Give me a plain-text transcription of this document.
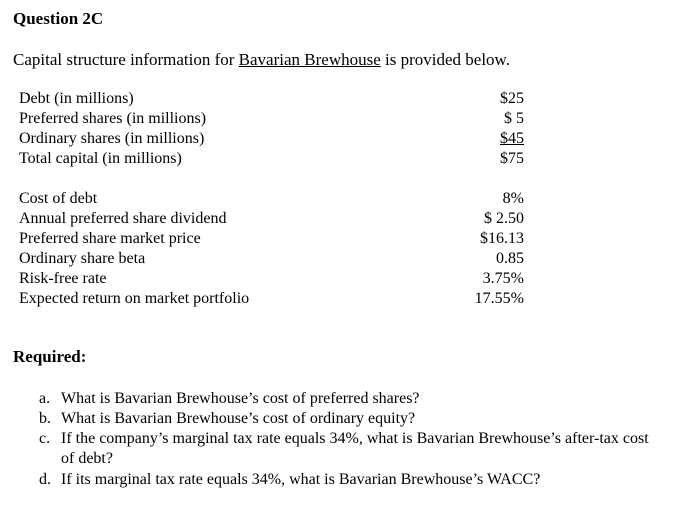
Question 2C
Capital structure information for Bavarian Brewhouse is provided below.
Debt (in millions)	$25
Preferred shares (in millions)	$ 5
Ordinary shares (in millions)	$45
Total capital (in millions)	$75
Cost of debt	8%
Annual preferred share dividend	$ 2.50
Preferred share market price	$16.13
Ordinary share beta	0.85
Risk-free rate	3.75%
Expected return on market portfolio	17.55%
Required:
a. What is Bavarian Brewhouse’s cost of preferred shares?
b. What is Bavarian Brewhouse’s cost of ordinary equity?
c. If the company’s marginal tax rate equals 34%, what is Bavarian Brewhouse’s after-tax cost of debt?
d. If its marginal tax rate equals 34%, what is Bavarian Brewhouse’s WACC?
